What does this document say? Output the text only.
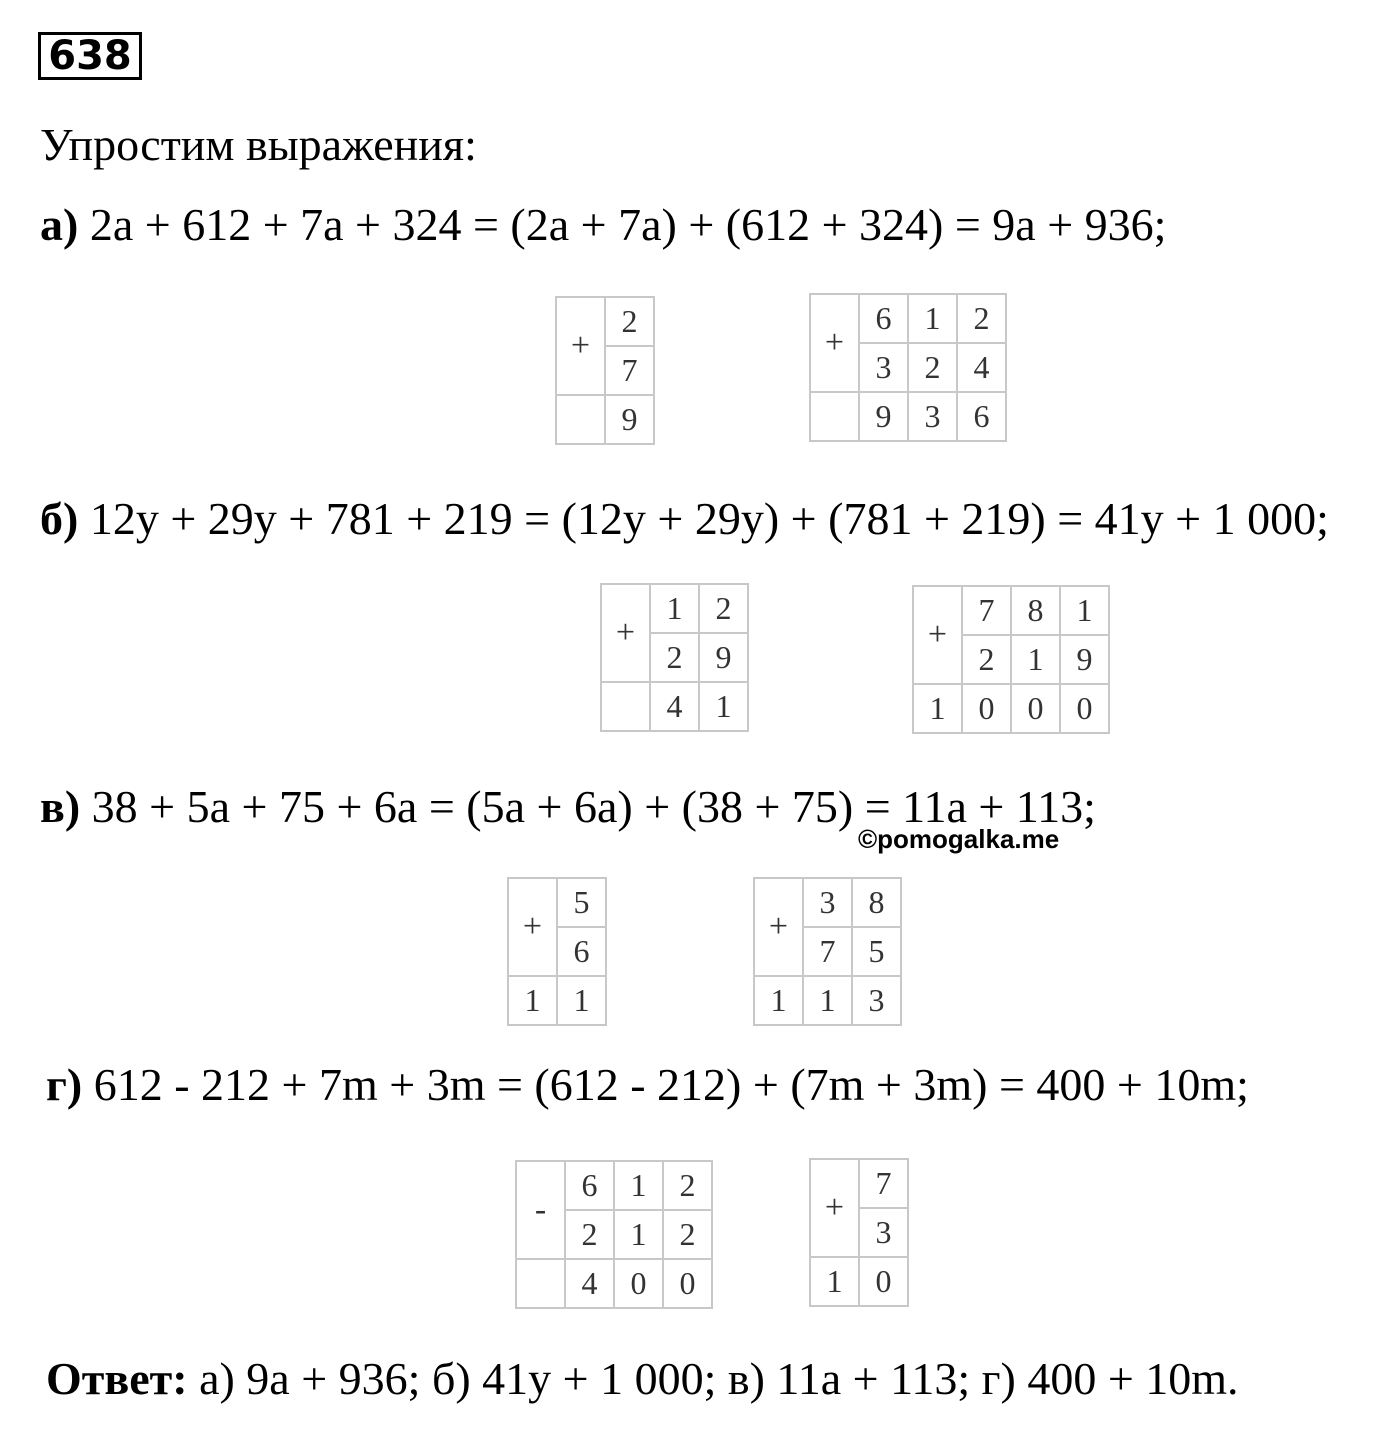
638
Упростим выражения:
а) 2a + 612 + 7a + 324 = (2a + 7a) + (612 + 324) = 9a + 936;
+	2
	7
	9
+	6	1	2
	3	2	4
	9	3	6
б) 12y + 29y + 781 + 219 = (12y + 29y) + (781 + 219) = 41y + 1 000;
+	1	2
	2	9
	4	1
+	7	8	1
	2	1	9
1	0	0	0
в) 38 + 5a + 75 + 6a = (5a + 6a) + (38 + 75) = 11a + 113;
©pomogalka.me
+	5
	6
1	1
+	3	8
	7	5
1	1	3
г) 612 - 212 + 7m + 3m = (612 - 212) + (7m + 3m) = 400 + 10m;
-	6	1	2
	2	1	2
	4	0	0
+	7
	3
1	0
Ответ: а) 9a + 936; б) 41y + 1 000; в) 11a + 113; г) 400 + 10m.
